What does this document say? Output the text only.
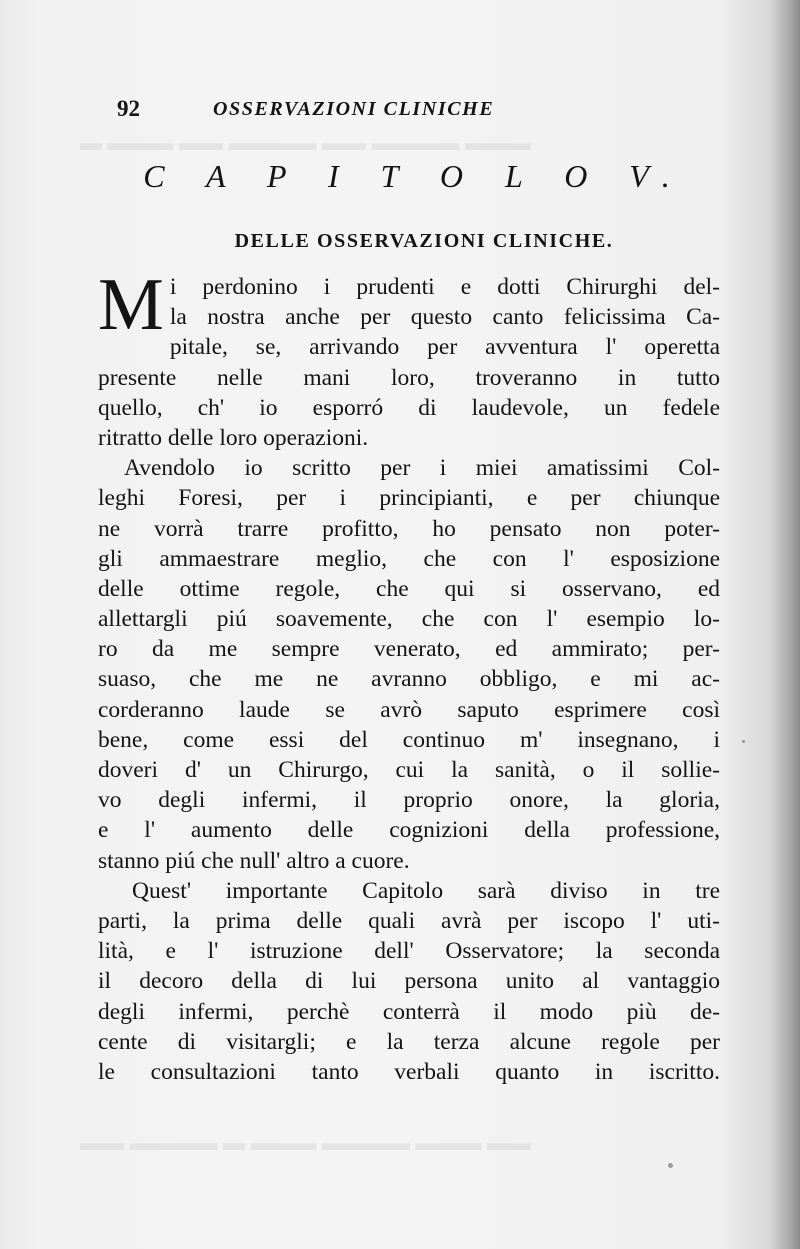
▬ ▬▬▬ ▬▬ ▬▬▬▬ ▬▬ ▬▬▬▬ ▬▬▬
▬▬ ▬▬▬▬ ▬ ▬▬▬ ▬▬▬▬ ▬▬▬ ▬▬
92	OSSERVAZIONI CLINICHE
C A P I T O L O V.
DELLE OSSERVAZIONI CLINICHE.
M i perdonino i prudenti e dotti Chirurghi del-
la nostra anche per questo canto felicissima Ca-
pitale, se, arrivando per avventura l' operetta
presente nelle mani loro, troveranno in tutto
quello, ch' io esporró di laudevole, un fedele
ritratto delle loro operazioni.
Avendolo io scritto per i miei amatissimi Col-
leghi Foresi, per i principianti, e per chiunque
ne vorrà trarre profitto, ho pensato non poter-
gli ammaestrare meglio, che con l' esposizione
delle ottime regole, che qui si osservano, ed
allettargli piú soavemente, che con l' esempio lo-
ro da me sempre venerato, ed ammirato; per-
suaso, che me ne avranno obbligo, e mi ac-
corderanno laude se avrò saputo esprimere così
bene, come essi del continuo m' insegnano, i
doveri d' un Chirurgo, cui la sanità, o il sollie-
vo degli infermi, il proprio onore, la gloria,
e l' aumento delle cognizioni della professione,
stanno piú che null' altro a cuore.
Quest' importante Capitolo sarà diviso in tre
parti, la prima delle quali avrà per iscopo l' uti-
lità, e l' istruzione dell' Osservatore; la seconda
il decoro della di lui persona unito al vantaggio
degli infermi, perchè conterrà il modo più de-
cente di visitargli; e la terza alcune regole per
le consultazioni tanto verbali quanto in iscritto.
